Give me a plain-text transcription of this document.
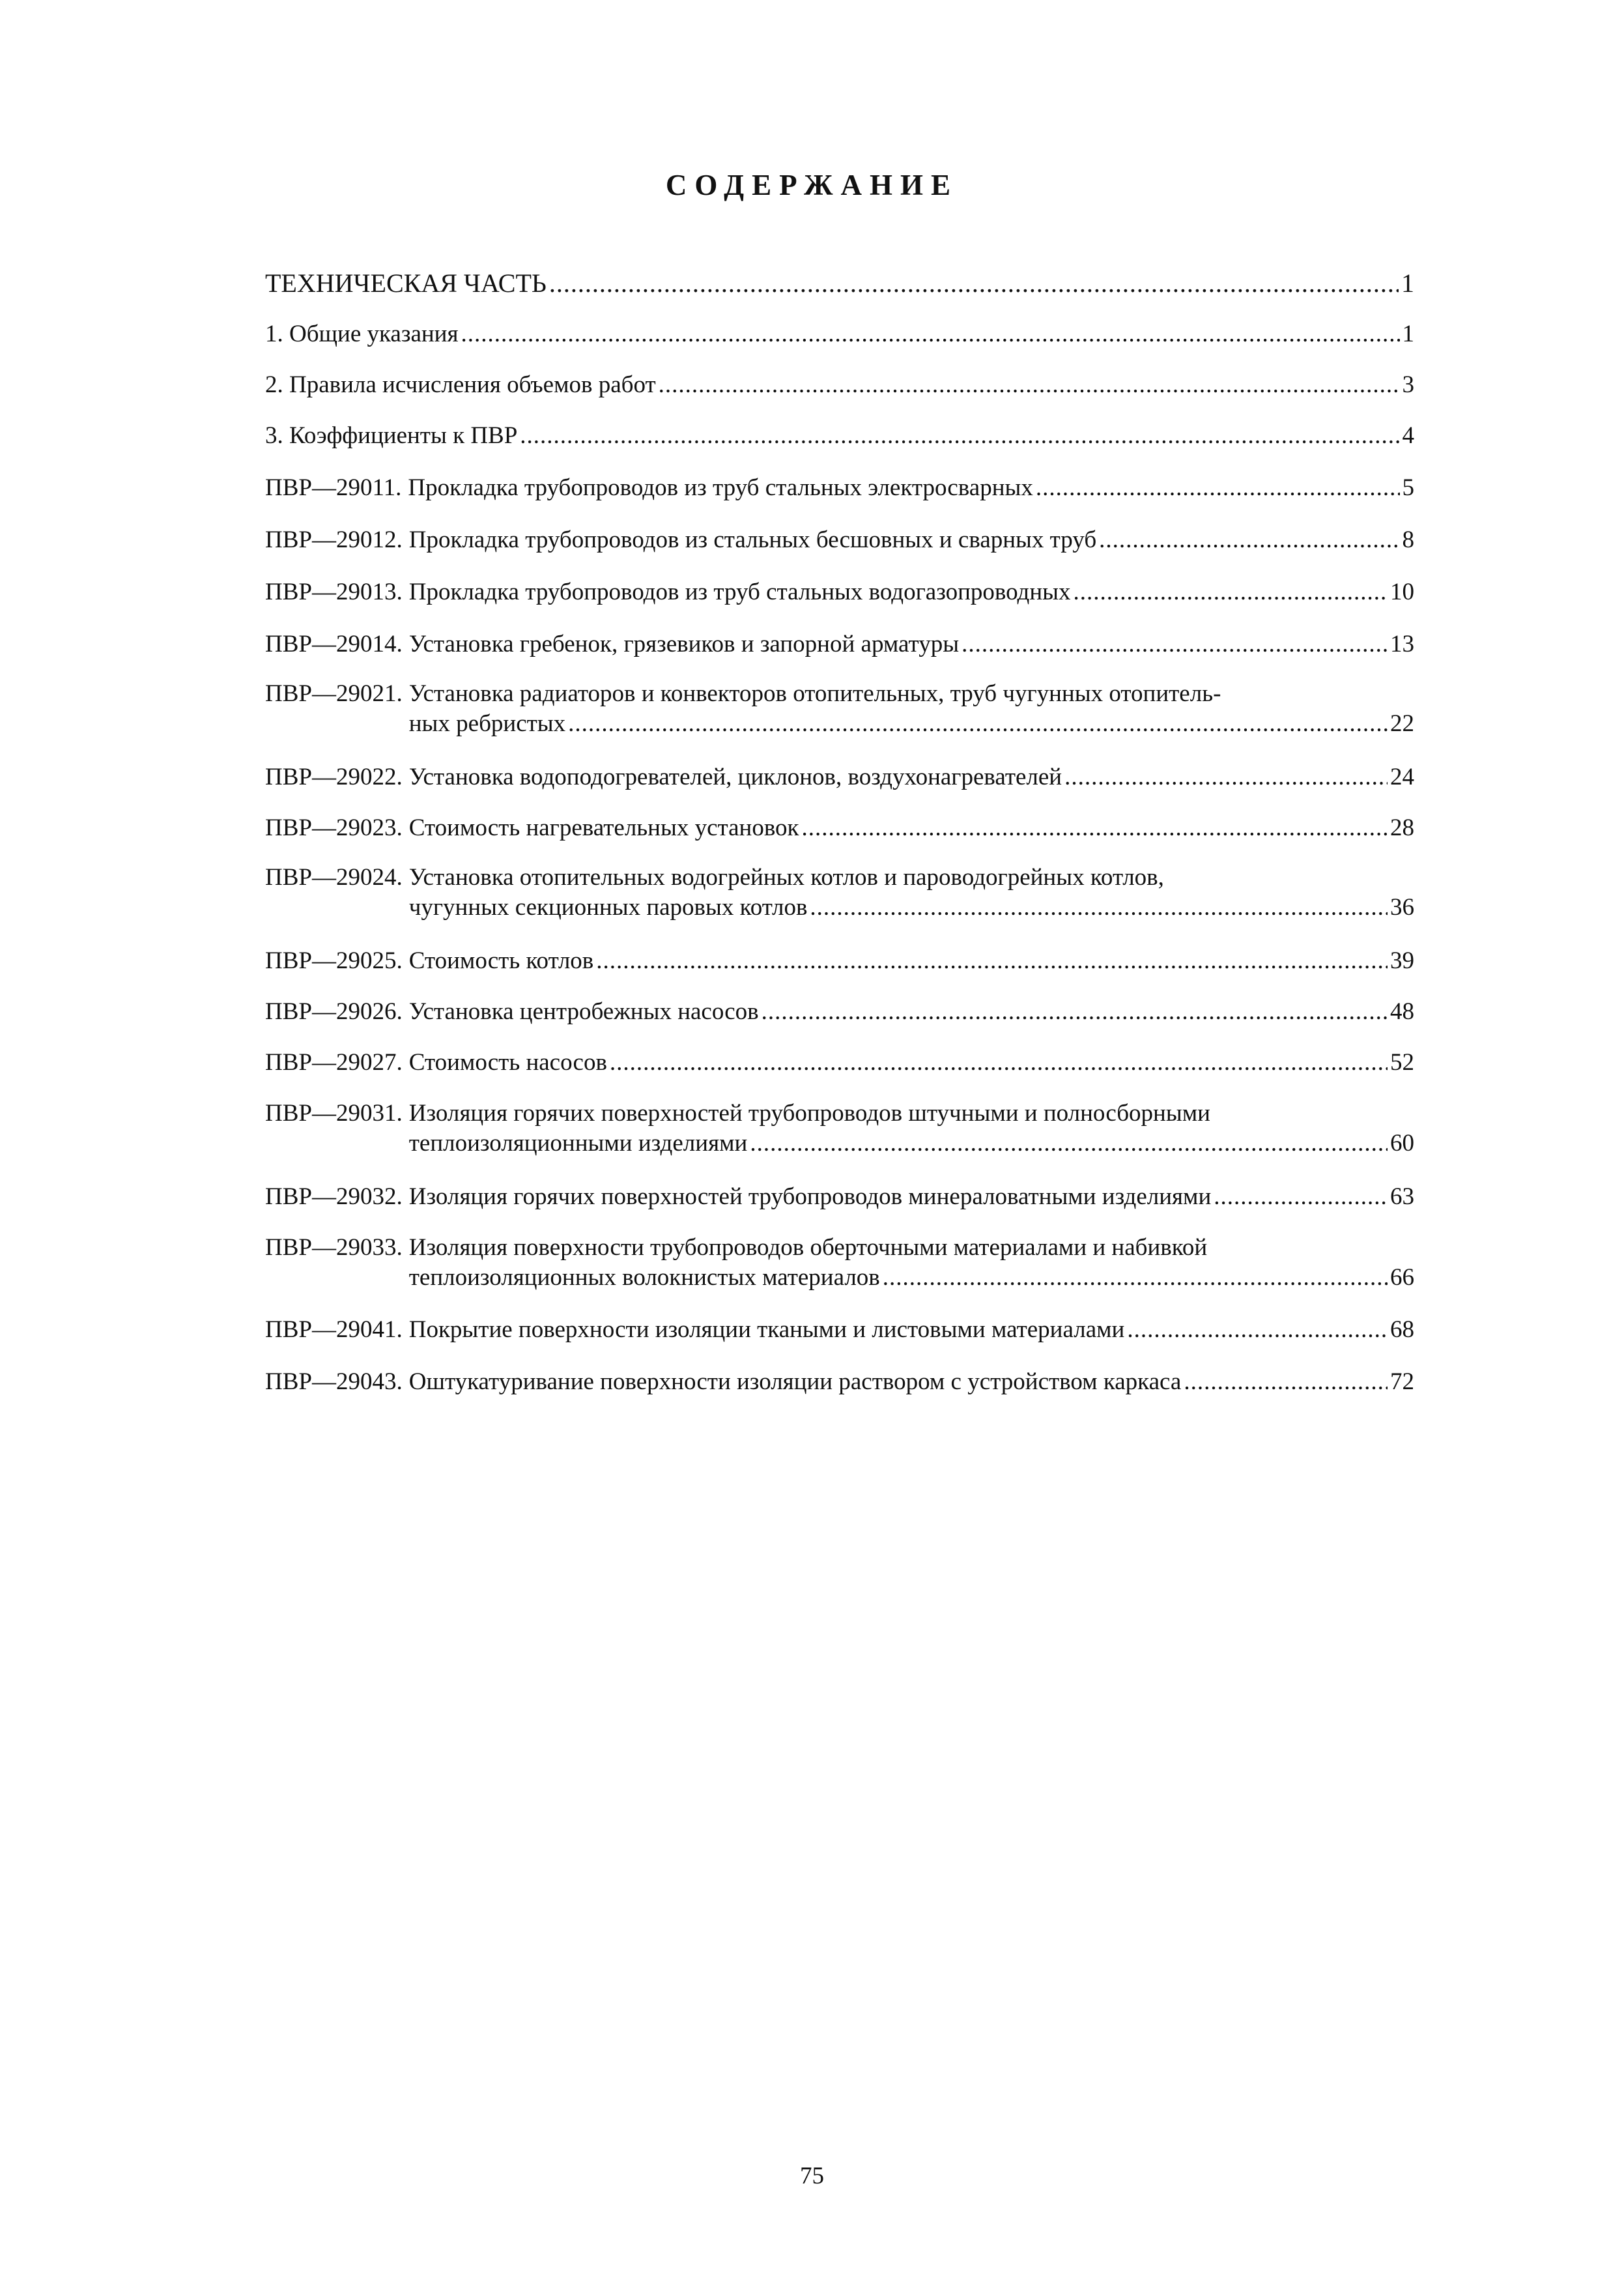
СОДЕРЖАНИЕ
ТЕХНИЧЕСКАЯ ЧАСТЬ .....	1
1. Общие указания .....	1
2. Правила исчисления объемов работ .....	3
3. Коэффициенты к ПВР .....	4
ПВР—29011. Прокладка трубопроводов из труб стальных электросварных .....	5
ПВР—29012. Прокладка трубопроводов из стальных бесшовных и сварных труб .....	8
ПВР—29013. Прокладка трубопроводов из труб стальных водогазопроводных .....	10
ПВР—29014. Установка гребенок, грязевиков и запорной арматуры .....	13
ПВР—29021. Установка радиаторов и конвекторов отопительных, труб чугунных отопитель-
ных ребристых .....	22
ПВР—29022. Установка водоподогревателей, циклонов, воздухонагревателей .....	24
ПВР—29023. Стоимость нагревательных установок .....	28
ПВР—29024. Установка отопительных водогрейных котлов и пароводогрейных котлов,
чугунных секционных паровых котлов .....	36
ПВР—29025. Стоимость котлов .....	39
ПВР—29026. Установка центробежных насосов .....	48
ПВР—29027. Стоимость насосов .....	52
ПВР—29031. Изоляция горячих поверхностей трубопроводов штучными и полносборными
теплоизоляционными изделиями .....	60
ПВР—29032. Изоляция горячих поверхностей трубопроводов минераловатными изделиями .....	63
ПВР—29033. Изоляция поверхности трубопроводов оберточными материалами и набивкой
теплоизоляционных волокнистых материалов .....	66
ПВР—29041. Покрытие поверхности изоляции ткаными и листовыми материалами .....	68
ПВР—29043. Оштукатуривание поверхности изоляции раствором с устройством каркаса .....	72
75
